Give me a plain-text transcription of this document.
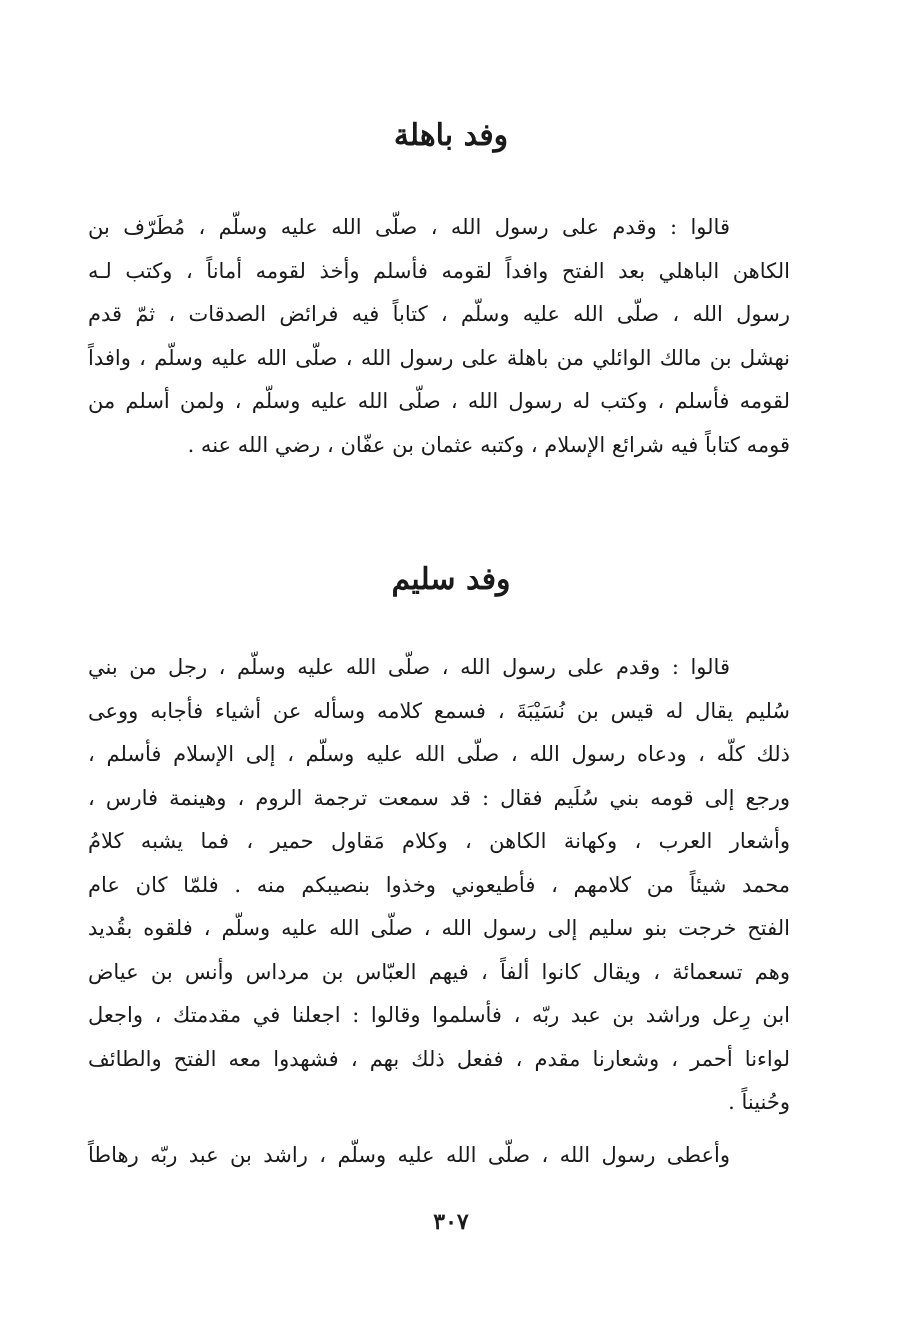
وفد باهلة
قالوا : وقدم على رسول الله ، صلّى الله عليه وسلّم ، مُطَرّف بن
الكاهن الباهلي بعد الفتح وافداً لقومه فأسلم وأخذ لقومه أماناً ، وكتب لـه
رسول الله ، صلّى الله عليه وسلّم ، كتاباً فيه فرائض الصدقات ، ثمّ قدم
نهشل بن مالك الوائلي من باهلة على رسول الله ، صلّى الله عليه وسلّم ، وافداً
لقومه فأسلم ، وكتب له رسول الله ، صلّى الله عليه وسلّم ، ولمن أسلم من
قومه كتاباً فيه شرائع الإسلام ، وكتبه عثمان بن عفّان ، رضي الله عنه .
وفد سليم
قالوا : وقدم على رسول الله ، صلّى الله عليه وسلّم ، رجل من بني
سُليم يقال له قيس بن نُسَيْبَةَ ، فسمع كلامه وسأله عن أشياء فأجابه ووعى
ذلك كلّه ، ودعاه رسول الله ، صلّى الله عليه وسلّم ، إلى الإسلام فأسلم ،
ورجع إلى قومه بني سُلَيم فقال : قد سمعت ترجمة الروم ، وهينمة فارس ،
وأشعار العرب ، وكهانة الكاهن ، وكلام مَقاول حمير ، فما يشبه كلامُ
محمد شيئاً من كلامهم ، فأطيعوني وخذوا بنصيبكم منه . فلمّا كان عام
الفتح خرجت بنو سليم إلى رسول الله ، صلّى الله عليه وسلّم ، فلقوه بقُديد
وهم تسعمائة ، ويقال كانوا ألفاً ، فيهم العبّاس بن مرداس وأنس بن عياض
ابن رِعل وراشد بن عبد ربّه ، فأسلموا وقالوا : اجعلنا في مقدمتك ، واجعل
لواءنا أحمر ، وشعارنا مقدم ، ففعل ذلك بهم ، فشهدوا معه الفتح والطائف
وحُنيناً .
وأعطى رسول الله ، صلّى الله عليه وسلّم ، راشد بن عبد ربّه رهاطاً
٣٠٧
